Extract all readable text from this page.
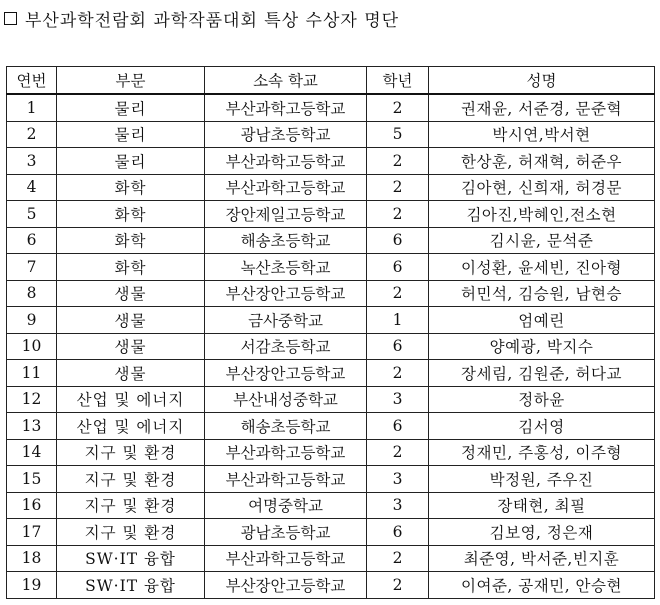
부산과학전람회 과학작품대회 특상 수상자 명단
연번	부문	소속 학교	학년	성명
1	물리	부산과학고등학교	2	권재윤, 서준경, 문준혁
2	물리	광남초등학교	5	박시연,박서현
3	물리	부산과학고등학교	2	한상훈, 허재혁, 허준우
4	화학	부산과학고등학교	2	김아현, 신희재, 허경문
5	화학	장안제일고등학교	2	김아진,박혜인,전소현
6	화학	해송초등학교	6	김시윤, 문석준
7	화학	녹산초등학교	6	이성환, 윤세빈, 진아형
8	생물	부산장안고등학교	2	허민석, 김승원, 남현승
9	생물	금사중학교	1	엄예린
10	생물	서감초등학교	6	양예광, 박지수
11	생물	부산장안고등학교	2	장세림, 김원준, 허다교
12	산업 및 에너지	부산내성중학교	3	정하윤
13	산업 및 에너지	해송초등학교	6	김서영
14	지구 및 환경	부산과학고등학교	2	정재민, 주홍성, 이주형
15	지구 및 환경	부산과학고등학교	3	박정원, 주우진
16	지구 및 환경	여명중학교	3	장태현, 최필
17	지구 및 환경	광남초등학교	6	김보영, 정은재
18	SW·IT 융합	부산과학고등학교	2	최준영, 박서준,빈지훈
19	SW·IT 융합	부산장안고등학교	2	이여준, 공재민, 안승현
